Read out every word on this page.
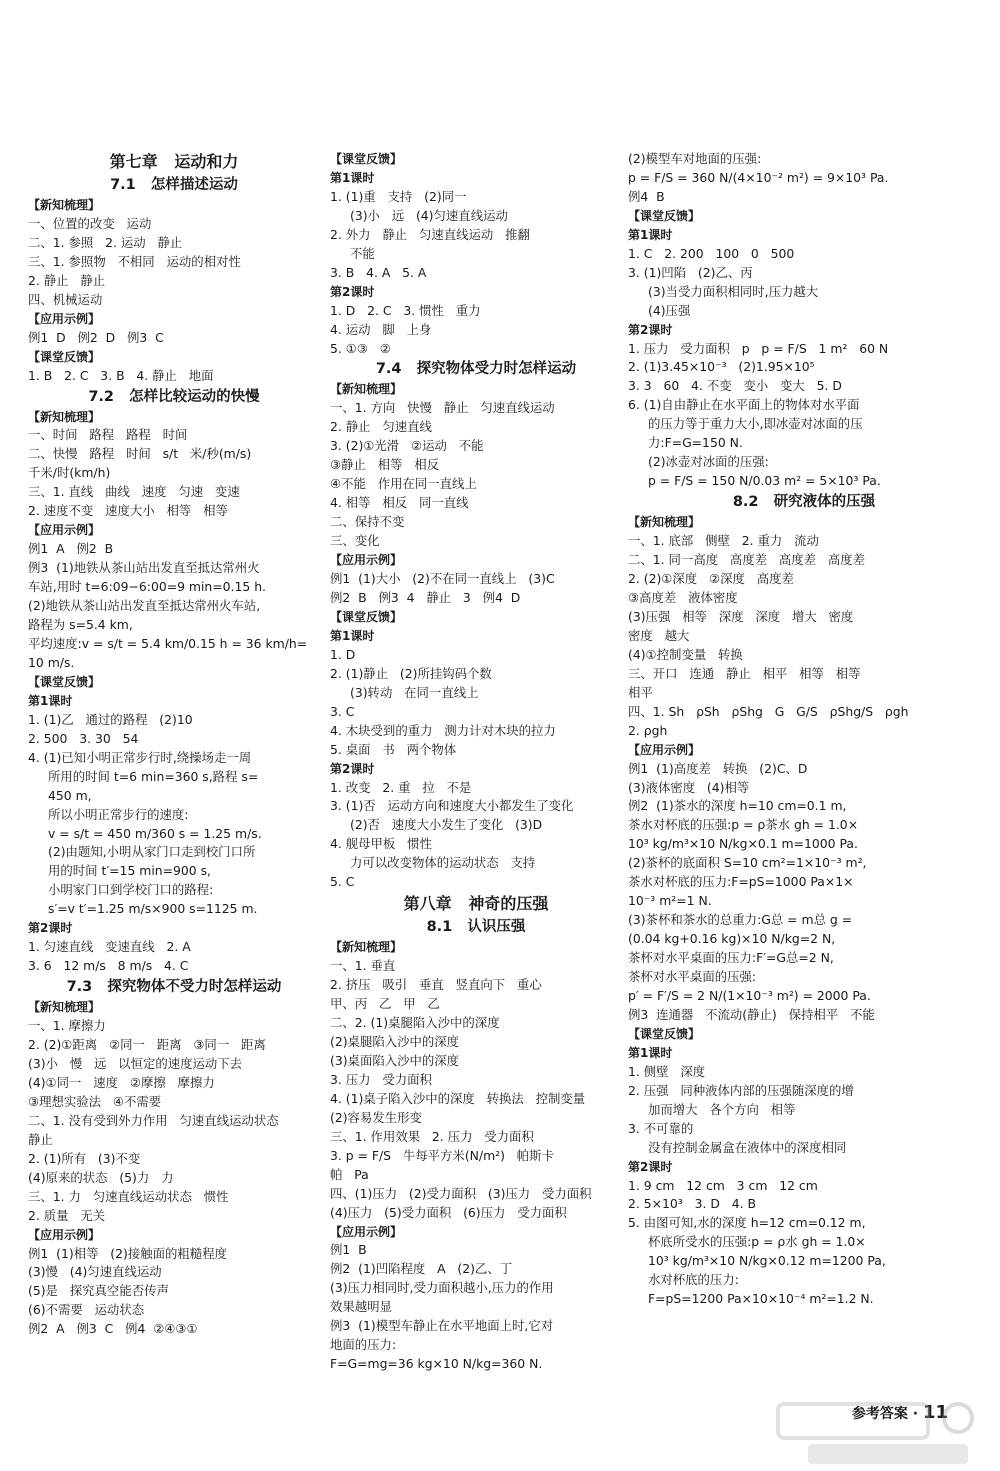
第七章   运动和力
7.1   怎样描述运动
【新知梳理】
一、位置的改变   运动
二、1. 参照   2. 运动   静止
三、1. 参照物   不相同   运动的相对性
2. 静止   静止
四、机械运动
【应用示例】
例1  D   例2  D   例3  C
【课堂反馈】
1. B   2. C   3. B   4. 静止   地面
7.2   怎样比较运动的快慢
【新知梳理】
一、时间   路程   路程   时间
二、快慢   路程   时间   s/t   米/秒(m/s)
千米/时(km/h)
三、1. 直线   曲线   速度   匀速   变速
2. 速度不变   速度大小   相等   相等
【应用示例】
例1  A   例2  B
例3  (1)地铁从茶山站出发直至抵达常州火
车站,用时 t=6:09−6:00=9 min=0.15 h.
(2)地铁从茶山站出发直至抵达常州火车站,
路程为 s=5.4 km,
平均速度:v = s/t = 5.4 km/0.15 h = 36 km/h=
10 m/s.
【课堂反馈】
第1课时
1. (1)乙   通过的路程   (2)10
2. 500   3. 30   54
4. (1)已知小明正常步行时,绕操场走一周
所用的时间 t=6 min=360 s,路程 s=
450 m,
所以小明正常步行的速度:
v = s/t = 450 m/360 s = 1.25 m/s.
(2)由题知,小明从家门口走到校门口所
用的时间 t′=15 min=900 s,
小明家门口到学校门口的路程:
s′=v t′=1.25 m/s×900 s=1125 m.
第2课时
1. 匀速直线   变速直线   2. A
3. 6   12 m/s   8 m/s   4. C
7.3   探究物体不受力时怎样运动
【新知梳理】
一、1. 摩擦力
2. (2)①距离   ②同一   距离   ③同一   距离
(3)小   慢   远   以恒定的速度运动下去
(4)①同一   速度   ②摩擦   摩擦力
③理想实验法   ④不需要
二、1. 没有受到外力作用   匀速直线运动状态
静止
2. (1)所有   (3)不变
(4)原来的状态   (5)力   力
三、1. 力   匀速直线运动状态   惯性
2. 质量   无关
【应用示例】
例1  (1)相等   (2)接触面的粗糙程度
(3)慢   (4)匀速直线运动
(5)是   探究真空能否传声
(6)不需要   运动状态
例2  A   例3  C   例4  ②④③①
【课堂反馈】
第1课时
1. (1)重   支持   (2)同一
(3)小   远   (4)匀速直线运动
2. 外力   静止   匀速直线运动   推翻
不能
3. B   4. A   5. A
第2课时
1. D   2. C   3. 惯性   重力
4. 运动   脚   上身
5. ①③   ②
7.4   探究物体受力时怎样运动
【新知梳理】
一、1. 方向   快慢   静止   匀速直线运动
2. 静止   匀速直线
3. (2)①光滑   ②运动   不能
③静止   相等   相反
④不能   作用在同一直线上
4. 相等   相反   同一直线
二、保持不变
三、变化
【应用示例】
例1  (1)大小   (2)不在同一直线上   (3)C
例2  B   例3  4   静止   3   例4  D
【课堂反馈】
第1课时
1. D
2. (1)静止   (2)所挂钩码个数
(3)转动   在同一直线上
3. C
4. 木块受到的重力   测力计对木块的拉力
5. 桌面   书   两个物体
第2课时
1. 改变   2. 重   拉   不是
3. (1)否   运动方向和速度大小都发生了变化
(2)否   速度大小发生了变化   (3)D
4. 舰母甲板   惯性
力可以改变物体的运动状态   支持
5. C
第八章   神奇的压强
8.1   认识压强
【新知梳理】
一、1. 垂直
2. 挤压   吸引   垂直   竖直向下   重心
甲、丙   乙   甲   乙
二、2. (1)桌腿陷入沙中的深度
(2)桌腿陷入沙中的深度
(3)桌面陷入沙中的深度
3. 压力   受力面积
4. (1)桌子陷入沙中的深度   转换法   控制变量
(2)容易发生形变
三、1. 作用效果   2. 压力   受力面积
3. p = F/S   牛每平方米(N/m²)   帕斯卡
帕   Pa
四、(1)压力   (2)受力面积   (3)压力   受力面积
(4)压力   (5)受力面积   (6)压力   受力面积
【应用示例】
例1  B
例2  (1)凹陷程度   A   (2)乙、丁
(3)压力相同时,受力面积越小,压力的作用
效果越明显
例3  (1)模型车静止在水平地面上时,它对
地面的压力:
F=G=mg=36 kg×10 N/kg=360 N.
(2)模型车对地面的压强:
p = F/S = 360 N/(4×10⁻² m²) = 9×10³ Pa.
例4  B
【课堂反馈】
第1课时
1. C   2. 200   100   0   500
3. (1)凹陷   (2)乙、丙
(3)当受力面积相同时,压力越大
(4)压强
第2课时
1. 压力   受力面积   p   p = F/S   1 m²   60 N
2. (1)3.45×10⁻³   (2)1.95×10⁵
3. 3   60   4. 不变   变小   变大   5. D
6. (1)自由静止在水平面上的物体对水平面
的压力等于重力大小,即冰壶对冰面的压
力:F=G=150 N.
(2)冰壶对冰面的压强:
p = F/S = 150 N/0.03 m² = 5×10³ Pa.
8.2   研究液体的压强
【新知梳理】
一、1. 底部   侧壁   2. 重力   流动
二、1. 同一高度   高度差   高度差   高度差
2. (2)①深度   ②深度   高度差
③高度差   液体密度
(3)压强   相等   深度   深度   增大   密度
密度   越大
(4)①控制变量   转换
三、开口   连通   静止   相平   相等   相等
相平
四、1. Sh   ρSh   ρShg   G   G/S   ρShg/S   ρgh
2. ρgh
【应用示例】
例1  (1)高度差   转换   (2)C、D
(3)液体密度   (4)相等
例2  (1)茶水的深度 h=10 cm=0.1 m,
茶水对杯底的压强:p = ρ茶水 gh = 1.0×
10³ kg/m³×10 N/kg×0.1 m=1000 Pa.
(2)茶杯的底面积 S=10 cm²=1×10⁻³ m²,
茶水对杯底的压力:F=pS=1000 Pa×1×
10⁻³ m²=1 N.
(3)茶杯和茶水的总重力:G总 = m总 g =
(0.04 kg+0.16 kg)×10 N/kg=2 N,
茶杯对水平桌面的压力:F′=G总=2 N,
茶杯对水平桌面的压强:
p′ = F′/S = 2 N/(1×10⁻³ m²) = 2000 Pa.
例3  连通器   不流动(静止)   保持相平   不能
【课堂反馈】
第1课时
1. 侧壁   深度
2. 压强   同种液体内部的压强随深度的增
加而增大   各个方向   相等
3. 不可靠的
没有控制金属盒在液体中的深度相同
第2课时
1. 9 cm   12 cm   3 cm   12 cm
2. 5×10³   3. D   4. B
5. 由图可知,水的深度 h=12 cm=0.12 m,
杯底所受水的压强:p = ρ水 gh = 1.0×
10³ kg/m³×10 N/kg×0.12 m=1200 Pa,
水对杯底的压力:
F=pS=1200 Pa×10×10⁻⁴ m²=1.2 N.
参考答案 · 11
